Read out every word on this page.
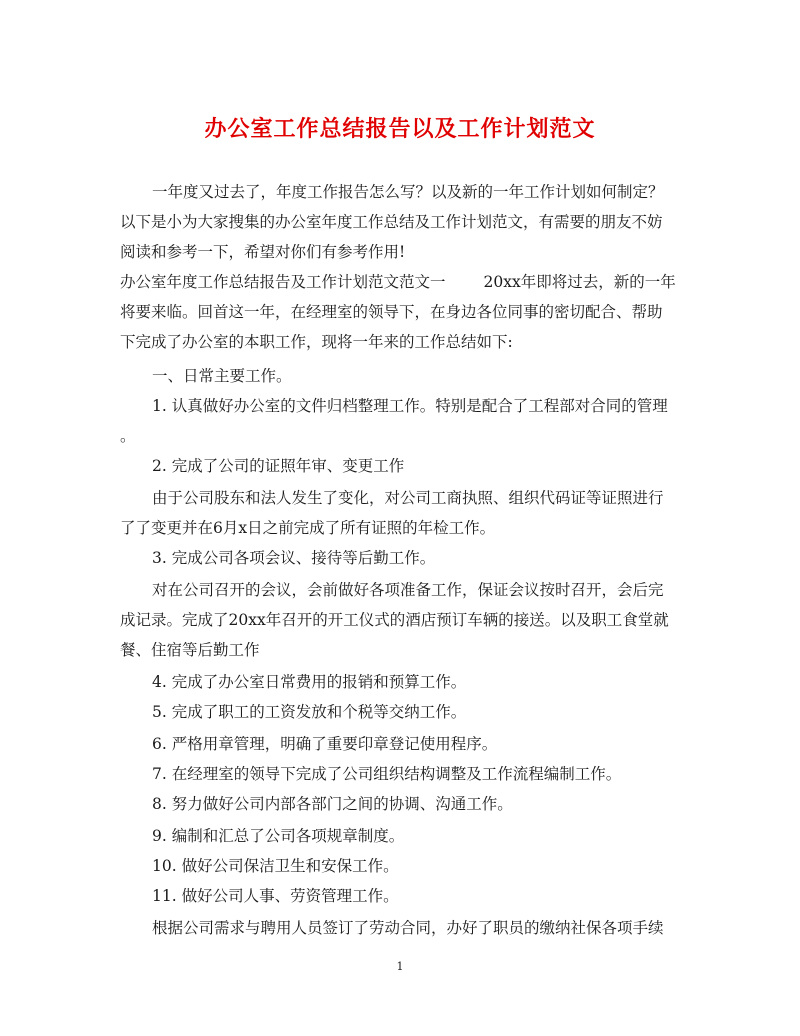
办公室工作总结报告以及工作计划范文

一年度又过去了，年度工作报告怎么写？以及新的一年工作计划如何制定？

以下是小为大家搜集的办公室年度工作总结及工作计划范文，有需要的朋友不妨

阅读和参考一下，希望对你们有参考作用!

办公室年度工作总结报告及工作计划范文范文一 20xx年即将过去，新的一年

将要来临。回首这一年，在经理室的领导下，在身边各位同事的密切配合、帮助

下完成了办公室的本职工作，现将一年来的工作总结如下:

一、日常主要工作。

1. 认真做好办公室的文件归档整理工作。特别是配合了工程部对合同的管理

。

2. 完成了公司的证照年审、变更工作

由于公司股东和法人发生了变化，对公司工商执照、组织代码证等证照进行

了了变更并在6月x日之前完成了所有证照的年检工作。

3. 完成公司各项会议、接待等后勤工作。

对在公司召开的会议，会前做好各项准备工作，保证会议按时召开，会后完

成记录。完成了20xx年召开的开工仪式的酒店预订车辆的接送。以及职工食堂就

餐、住宿等后勤工作

4. 完成了办公室日常费用的报销和预算工作。

5. 完成了职工的工资发放和个税等交纳工作。

6. 严格用章管理，明确了重要印章登记使用程序。

7. 在经理室的领导下完成了公司组织结构调整及工作流程编制工作。

8. 努力做好公司内部各部门之间的协调、沟通工作。

9. 编制和汇总了公司各项规章制度。

10. 做好公司保洁卫生和安保工作。

11. 做好公司人事、劳资管理工作。

根据公司需求与聘用人员签订了劳动合同，办好了职员的缴纳社保各项手续

1
